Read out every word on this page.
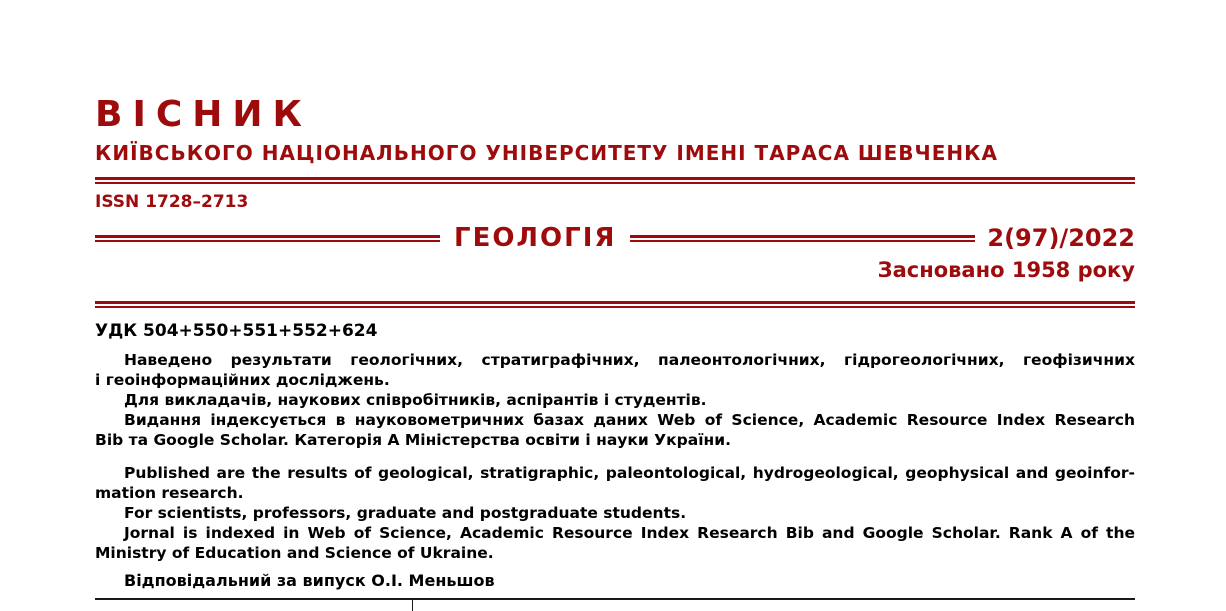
ВІСНИК
КИЇВСЬКОГО НАЦІОНАЛЬНОГО УНІВЕРСИТЕТУ ІМЕНІ ТАРАСА ШЕВЧЕНКА
ISSN 1728–2713
ГЕОЛОГІЯ	2(97)/2022
Засновано 1958 року
УДК 504+550+551+552+624
Наведено результати геологічних, стратиграфічних, палеонтологічних, гідрогеологічних, геофізичних
і геоінформаційних досліджень.
Для викладачів, наукових співробітників, аспірантів і студентів.
Видання індексується в науковометричних базах даних Web of Science, Academic Resource Index Research
Bib та Google Scholar. Категорія А Міністерства освіти і науки України.
Published are the results of geological, stratigraphic, paleontological, hydrogeological, geophysical and geoinfor-
mation research.
For scientists, professors, graduate and postgraduate students.
Jornal is indexed in Web of Science, Academic Resource Index Research Bib and Google Scholar. Rank A of the
Ministry of Education and Science of Ukraine.
Відповідальний за випуск О.І. Меньшов
